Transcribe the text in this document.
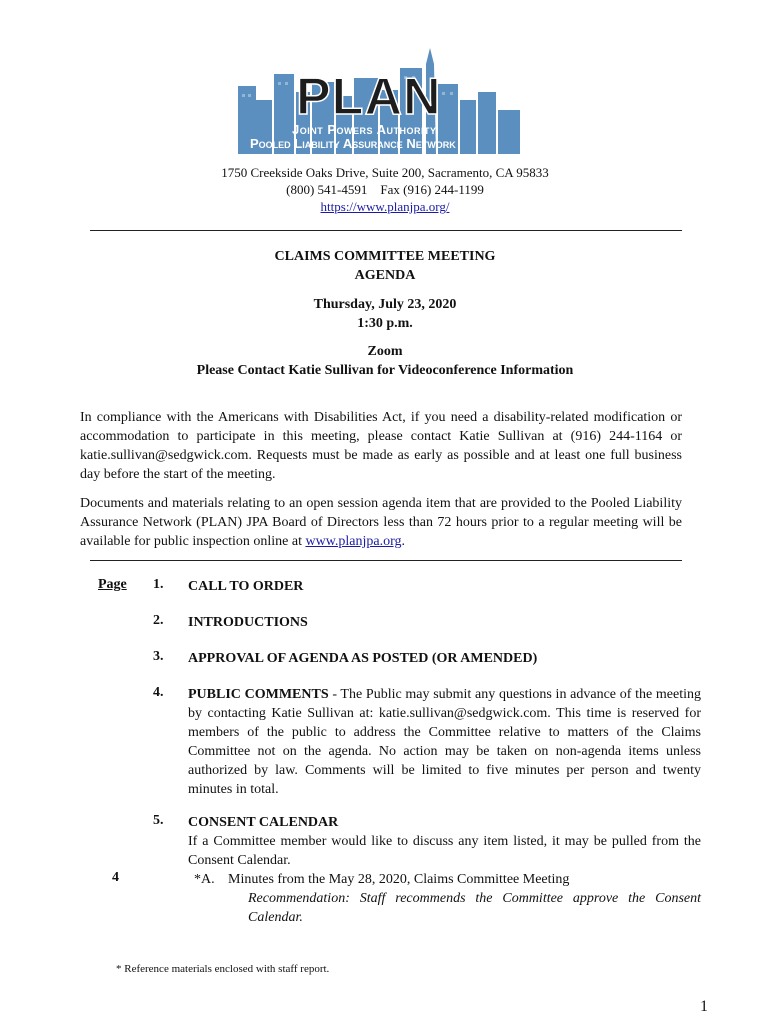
PLAN
Joint Powers Authority
Pooled Liability Assurance Network
1750 Creekside Oaks Drive, Suite 200, Sacramento, CA 95833
(800) 541-4591    Fax (916) 244-1199
https://www.planjpa.org/
CLAIMS COMMITTEE MEETING
AGENDA
Thursday, July 23, 2020
1:30 p.m.
Zoom
Please Contact Katie Sullivan for Videoconference Information
In compliance with the Americans with Disabilities Act, if you need a disability-related modification or accommodation to participate in this meeting, please contact Katie Sullivan at (916) 244-1164 or katie.sullivan@sedgwick.com. Requests must be made as early as possible and at least one full business day before the start of the meeting.
Documents and materials relating to an open session agenda item that are provided to the Pooled Liability Assurance Network (PLAN) JPA Board of Directors less than 72 hours prior to a regular meeting will be available for public inspection online at www.planjpa.org.
Page 1. CALL TO ORDER
2. INTRODUCTIONS
3. APPROVAL OF AGENDA AS POSTED (OR AMENDED)
4. PUBLIC COMMENTS - The Public may submit any questions in advance of the meeting by contacting Katie Sullivan at: katie.sullivan@sedgwick.com. This time is reserved for members of the public to address the Committee relative to matters of the Claims Committee not on the agenda. No action may be taken on non-agenda items unless authorized by law. Comments will be limited to five minutes per person and twenty minutes in total.
5. CONSENT CALENDAR
If a Committee member would like to discuss any item listed, it may be pulled from the Consent Calendar.
4	*A. Minutes from the May 28, 2020, Claims Committee Meeting
Recommendation: Staff recommends the Committee approve the Consent Calendar.
* Reference materials enclosed with staff report.
1
